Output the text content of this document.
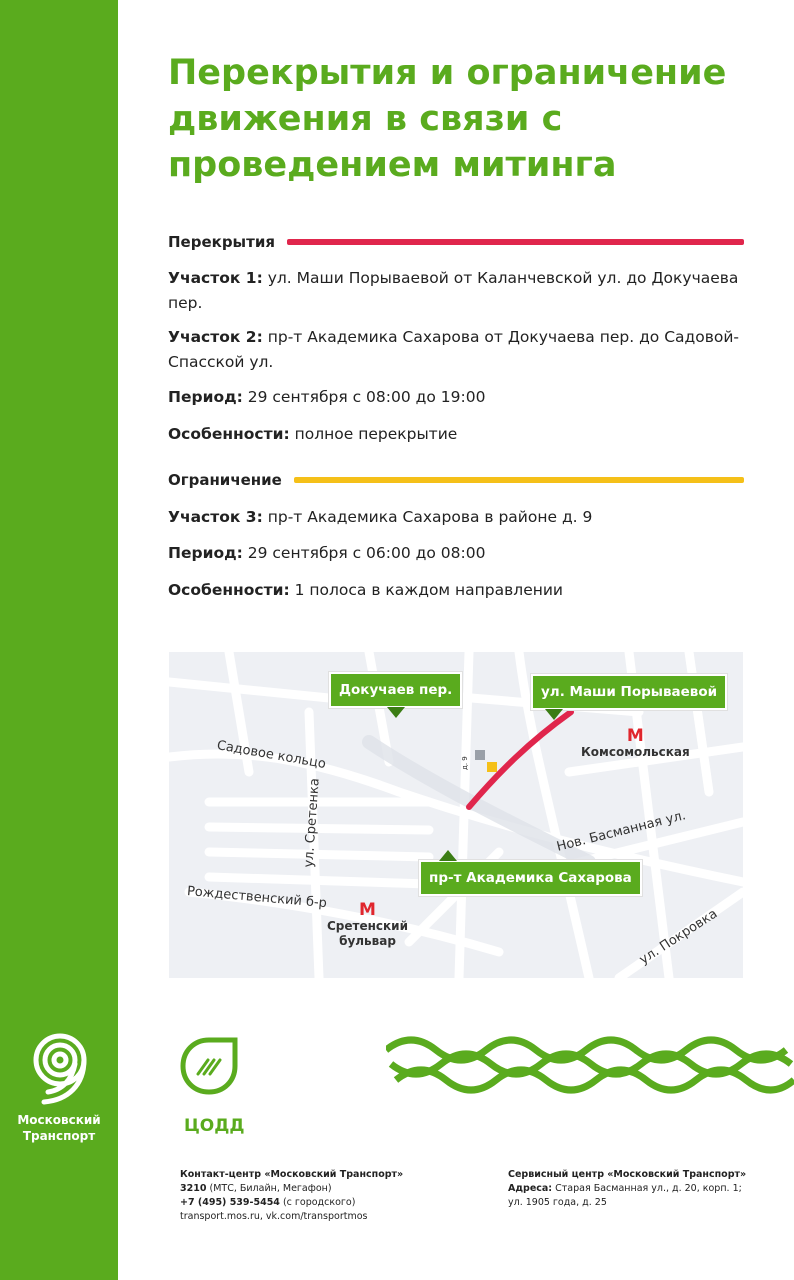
Московский
Транспорт
Перекрытия и ограничение движения в связи с проведением митинга
Перекрытия

Участок 1: ул. Маши Порываевой от Каланчевской ул. до Докучаева пер.

Участок 2: пр-т Академика Сахарова от Докучаева пер. до Садовой-Спасской ул.

Период: 29 сентября с 08:00 до 19:00

Особенности: полное перекрытие

Ограничение

Участок 3: пр-т Академика Сахарова в районе д. 9

Период: 29 сентября с 06:00 до 08:00

Особенности: 1 полоса в каждом направлении

Садовое кольцо
ул. Сретенка
Рождественский б-р
Нов. Басманная ул.
ул. Покровка
д. 9
М
Комсомольская
М
Сретенский
бульвар
Докучаев пер.	ул. Маши Порываевой
пр-т Академика Сахарова
ЦОДД
Контакт-центр «Московский Транспорт»
3210 (МТС, Билайн, Мегафон)
+7 (495) 539-5454 (с городского)
transport.mos.ru, vk.com/transportmos
Сервисный центр «Московский Транспорт»
Адреса: Старая Басманная ул., д. 20, корп. 1;
ул. 1905 года, д. 25
